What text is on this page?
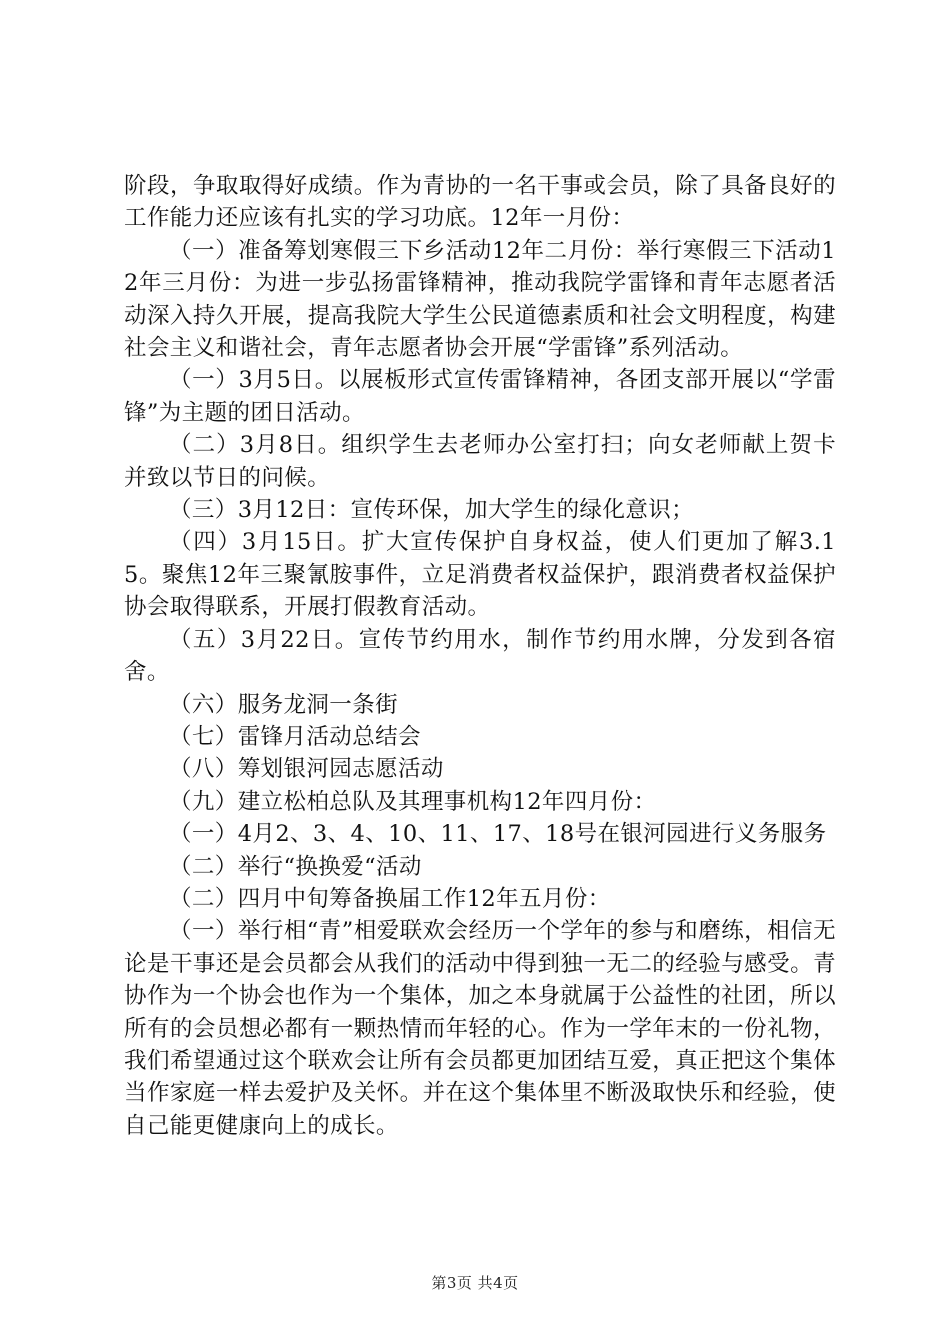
阶段，争取取得好成绩。作为青协的一名干事或会员，除了具备良好的工作能力还应该有扎实的学习功底。12年一月份：

（一）准备筹划寒假三下乡活动12年二月份：举行寒假三下活动12年三月份：为进一步弘扬雷锋精神，推动我院学雷锋和青年志愿者活动深入持久开展，提高我院大学生公民道德素质和社会文明程度，构建社会主义和谐社会，青年志愿者协会开展“学雷锋”系列活动。

（一）3月5日。以展板形式宣传雷锋精神，各团支部开展以“学雷锋”为主题的团日活动。

（二）3月8日。组织学生去老师办公室打扫；向女老师献上贺卡并致以节日的问候。

（三）3月12日：宣传环保，加大学生的绿化意识；

（四）3月15日。扩大宣传保护自身权益，使人们更加了解3.15。聚焦12年三聚氰胺事件，立足消费者权益保护，跟消费者权益保护协会取得联系，开展打假教育活动。

（五）3月22日。宣传节约用水，制作节约用水牌，分发到各宿舍。

（六）服务龙洞一条街

（七）雷锋月活动总结会

（八）筹划银河园志愿活动

（九）建立松柏总队及其理事机构12年四月份：

（一）4月2、3、4、10、11、17、18号在银河园进行义务服务

（二）举行“换换爱“活动

（二）四月中旬筹备换届工作12年五月份：

（一）举行相“青”相爱联欢会经历一个学年的参与和磨练，相信无论是干事还是会员都会从我们的活动中得到独一无二的经验与感受。青协作为一个协会也作为一个集体，加之本身就属于公益性的社团，所以所有的会员想必都有一颗热情而年轻的心。作为一学年末的一份礼物，我们希望通过这个联欢会让所有会员都更加团结互爱，真正把这个集体当作家庭一样去爱护及关怀。并在这个集体里不断汲取快乐和经验，使自己能更健康向上的成长。

第3页 共4页
